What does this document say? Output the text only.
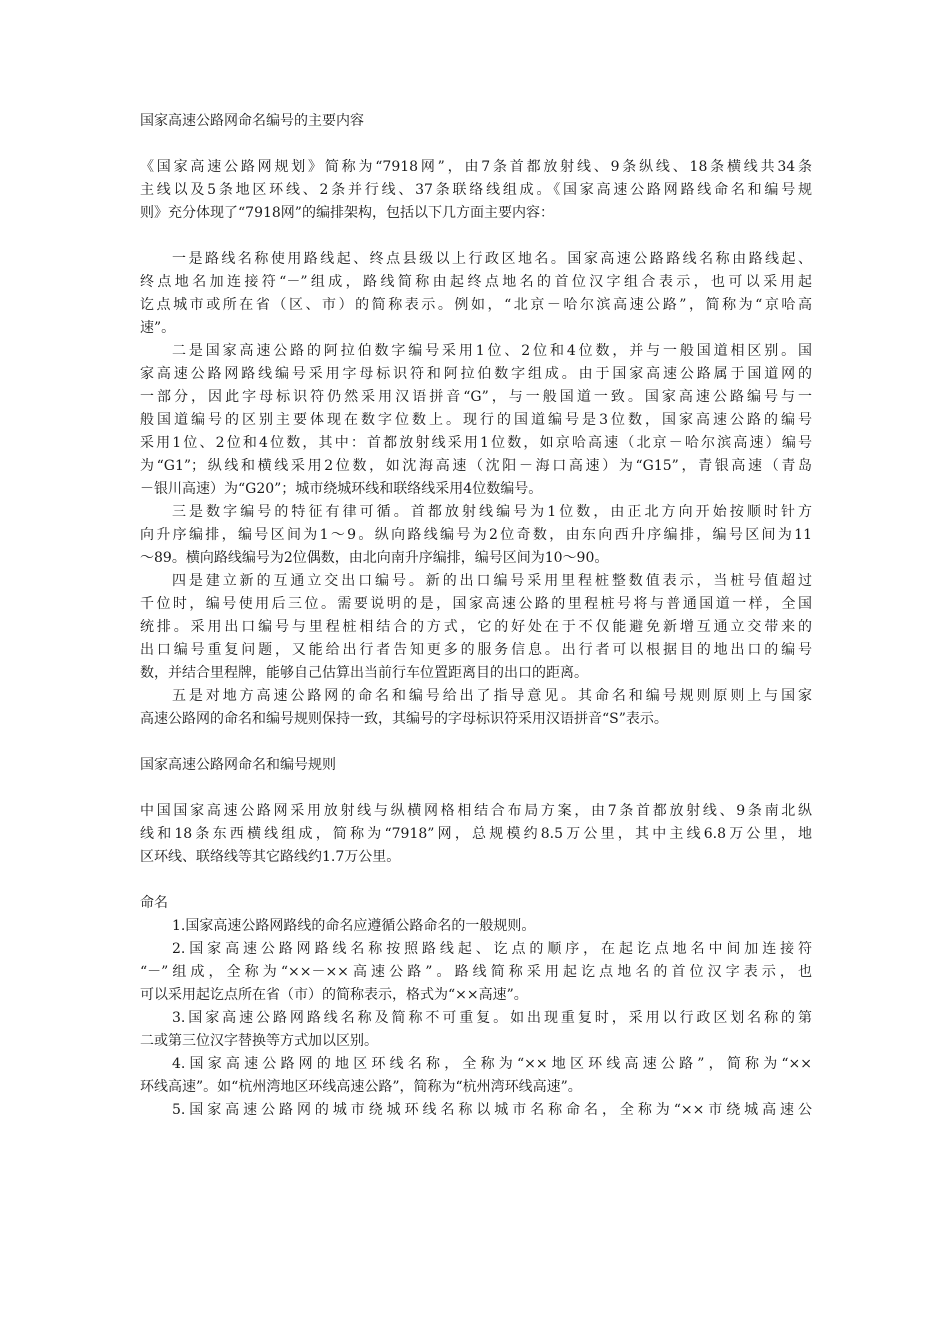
国家高速公路网命名编号的主要内容

《国家高速公路网规划》简称为“7918网”，由7条首都放射线、9条纵线、18条横线共34条

主线以及5条地区环线、2条并行线、37条联络线组成。《国家高速公路网路线命名和编号规

则》充分体现了“7918网”的编排架构，包括以下几方面主要内容：

一是路线名称使用路线起、终点县级以上行政区地名。国家高速公路路线名称由路线起、

终点地名加连接符“－”组成，路线简称由起终点地名的首位汉字组合表示，也可以采用起

讫点城市或所在省（区、市）的简称表示。例如，“北京－哈尔滨高速公路”，简称为“京哈高

速”。

二是国家高速公路的阿拉伯数字编号采用1位、2位和4位数，并与一般国道相区别。国

家高速公路网路线编号采用字母标识符和阿拉伯数字组成。由于国家高速公路属于国道网的

一部分，因此字母标识符仍然采用汉语拼音“G”，与一般国道一致。国家高速公路编号与一

般国道编号的区别主要体现在数字位数上。现行的国道编号是3位数，国家高速公路的编号

采用1位、2位和4位数，其中：首都放射线采用1位数，如京哈高速（北京－哈尔滨高速）编号

为“G1”；纵线和横线采用2位数，如沈海高速（沈阳－海口高速）为“G15”，青银高速（青岛

－银川高速）为“G20”；城市绕城环线和联络线采用4位数编号。

三是数字编号的特征有律可循。首都放射线编号为1位数，由正北方向开始按顺时针方

向升序编排，编号区间为1～9。纵向路线编号为2位奇数，由东向西升序编排，编号区间为11

～89。横向路线编号为2位偶数，由北向南升序编排，编号区间为10～90。

四是建立新的互通立交出口编号。新的出口编号采用里程桩整数值表示，当桩号值超过

千位时，编号使用后三位。需要说明的是，国家高速公路的里程桩号将与普通国道一样，全国

统排。采用出口编号与里程桩相结合的方式，它的好处在于不仅能避免新增互通立交带来的

出口编号重复问题，又能给出行者告知更多的服务信息。出行者可以根据目的地出口的编号

数，并结合里程牌，能够自己估算出当前行车位置距离目的出口的距离。

五是对地方高速公路网的命名和编号给出了指导意见。其命名和编号规则原则上与国家

高速公路网的命名和编号规则保持一致，其编号的字母标识符采用汉语拼音“S”表示。

国家高速公路网命名和编号规则

中国国家高速公路网采用放射线与纵横网格相结合布局方案，由7条首都放射线、9条南北纵

线和18条东西横线组成，简称为“7918”网，总规模约8.5万公里，其中主线6.8万公里，地

区环线、联络线等其它路线约1.7万公里。

命名

1.国家高速公路网路线的命名应遵循公路命名的一般规则。

2.国家高速公路网路线名称按照路线起、讫点的顺序，在起讫点地名中间加连接符

“－”组成，全称为“××－××高速公路”。路线简称采用起讫点地名的首位汉字表示，也

可以采用起讫点所在省（市）的简称表示，格式为“××高速”。

3.国家高速公路网路线名称及简称不可重复。如出现重复时，采用以行政区划名称的第

二或第三位汉字替换等方式加以区别。

4.国家高速公路网的地区环线名称，全称为“××地区环线高速公路”，简称为“××

环线高速”。如“杭州湾地区环线高速公路”，简称为“杭州湾环线高速”。

5.国家高速公路网的城市绕城环线名称以城市名称命名，全称为“××市绕城高速公
